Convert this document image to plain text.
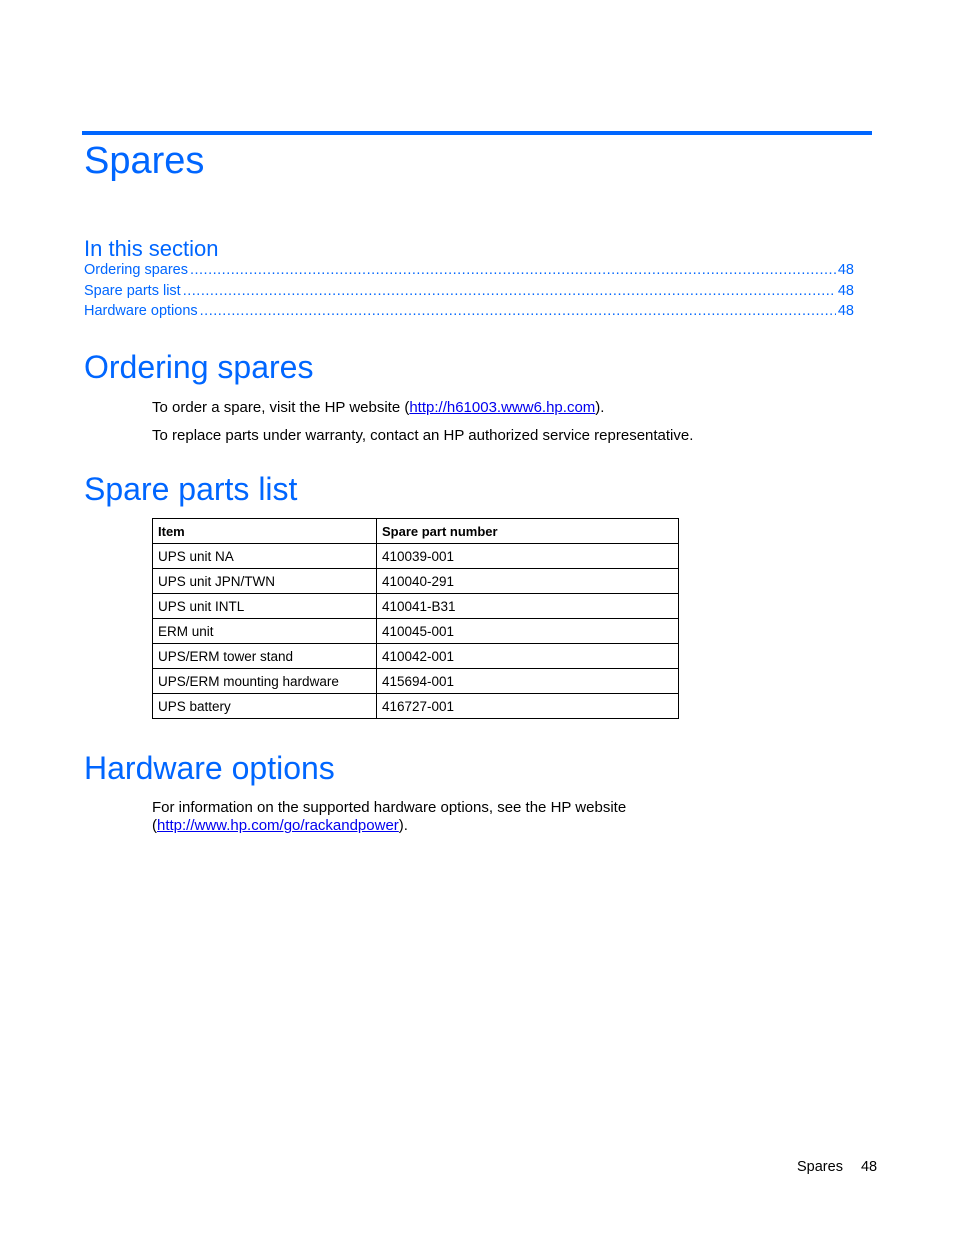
Spares
In this section
Ordering spares .....	48
Spare parts list .....	48
Hardware options .....	48
Ordering spares

To order a spare, visit the HP website (http://h61003.www6.hp.com).

To replace parts under warranty, contact an HP authorized service representative.

Spare parts list
Item	Spare part number
UPS unit NA	410039-001
UPS unit JPN/TWN	410040-291
UPS unit INTL	410041-B31
ERM unit	410045-001
UPS/ERM tower stand	410042-001
UPS/ERM mounting hardware	415694-001
UPS battery	416727-001
Hardware options

For information on the supported hardware options, see the HP website
(http://www.hp.com/go/rackandpower).

Spares 48
